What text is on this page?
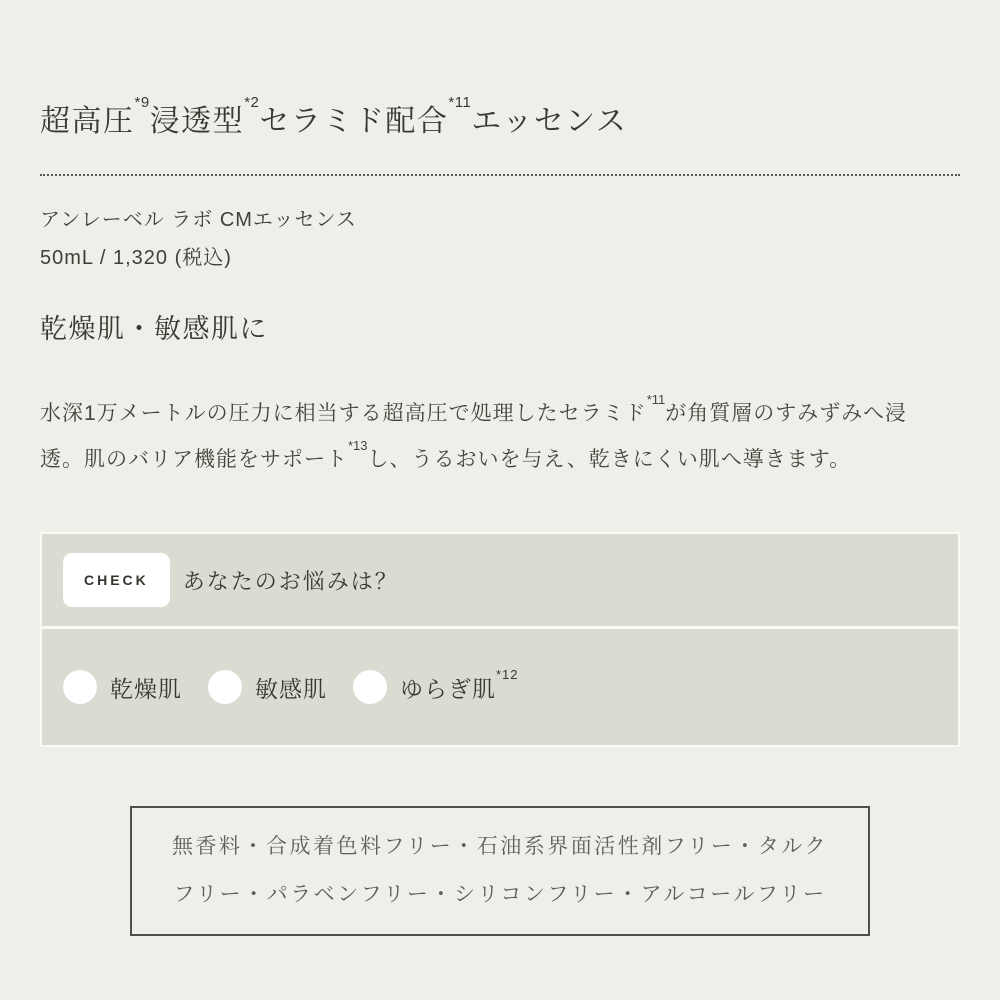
超高圧$^{*9}$浸透型$^{*2}$セラミド配合$^{*11}$エッセンス

アンレーベル ラボ CMエッセンス

50mL / 1,320 (税込)

乾燥肌・敏感肌に

水深1万メートルの圧力に相当する超高圧で処理したセラミド$^{*11}$が角質層のすみずみへ浸透。肌のバリア機能をサポート$^{*13}$し、うるおいを与え、乾きにくい肌へ導きます。

CHECK	あなたのお悩みは？
乾燥肌	敏感肌	ゆらぎ肌$^{*12}$

無香料・合成着色料フリー・石油系界面活性剤フリー・タルク

フリー・パラベンフリー・シリコンフリー・アルコールフリー
